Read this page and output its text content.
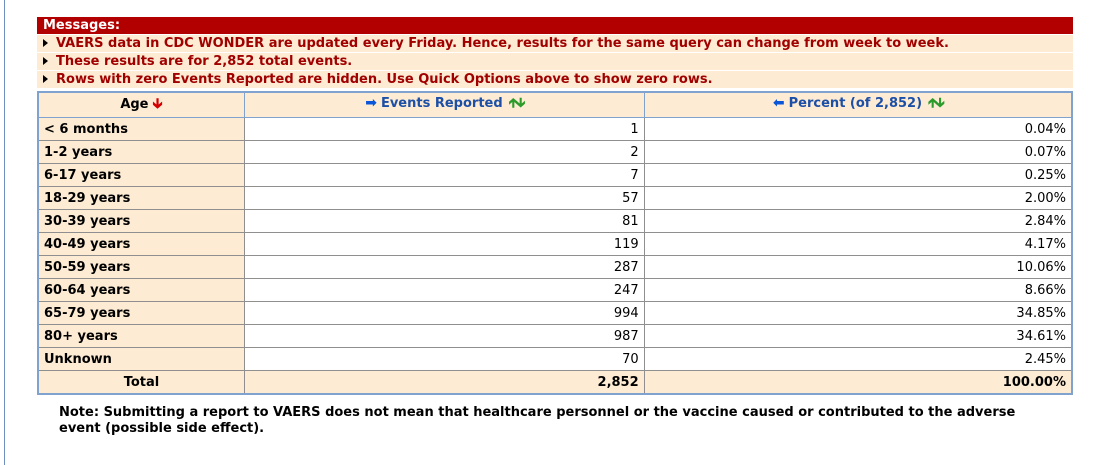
Messages:
VAERS data in CDC WONDER are updated every Friday. Hence, results for the same query can change from week to week.
These results are for 2,852 total events.
Rows with zero Events Reported are hidden. Use Quick Options above to show zero rows.
Age 🡳	➡ Events Reported 🡱🡳	⬅ Percent (of 2,852) 🡱🡳
< 6 months	1	0.04%
1-2 years	2	0.07%
6-17 years	7	0.25%
18-29 years	57	2.00%
30-39 years	81	2.84%
40-49 years	119	4.17%
50-59 years	287	10.06%
60-64 years	247	8.66%
65-79 years	994	34.85%
80+ years	987	34.61%
Unknown	70	2.45%
Total	2,852	100.00%
Note: Submitting a report to VAERS does not mean that healthcare personnel or the vaccine caused or contributed to the adverse event (possible side effect).
